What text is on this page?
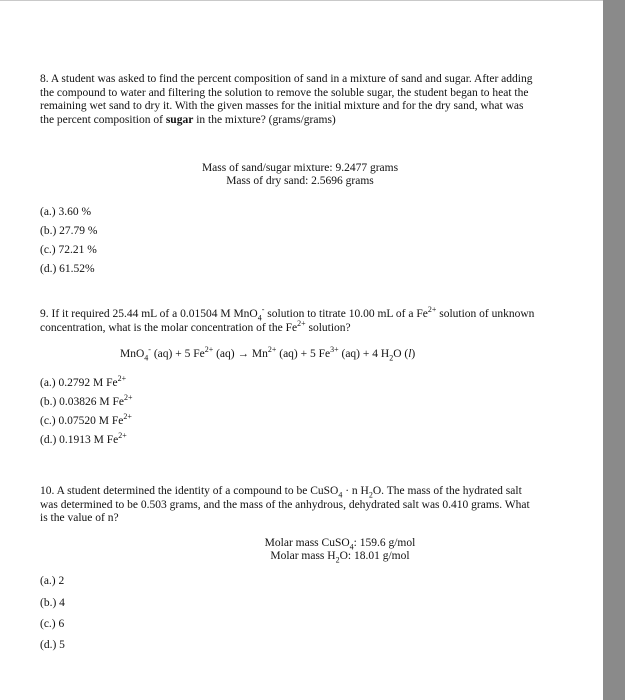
8. A student was asked to find the percent composition of sand in a mixture of sand and sugar. After adding the compound to water and filtering the solution to remove the soluble sugar, the student began to heat the remaining wet sand to dry it. With the given masses for the initial mixture and for the dry sand, what was the percent composition of sugar in the mixture? (grams/grams)

Mass of sand/sugar mixture: 9.2477 grams

Mass of dry sand: 2.5696 grams

(a.) 3.60 %
(b.) 27.79 %
(c.) 72.21 %
(d.) 61.52%

9. If it required 25.44 mL of a 0.01504 M MnO$_4$- solution to titrate 10.00 mL of a $Fe^{2+}$ solution of unknown concentration, what is the molar concentration of the $Fe^{2+}$ solution?

MnO$_4$- (aq) + 5 $Fe^{2+}$ $(aq) \to Mn^{2+}$ (aq) + 5 $Fe^{3+}$ (aq) + 4 $H_2O$ (l)
(a.) 0.2792 M $Fe^{2+}$
(b.) 0.03826 M $Fe^{2+}$
(c.) 0.07520 M $Fe^{2+}$
(d.) 0.1913 M $Fe^{2+}$

10. A student determined the identity of a compound to be CuSO$_4$ · n $H_2O$. The mass of the hydrated salt was determined to be 0.503 grams, and the mass of the anhydrous, dehydrated salt was 0.410 grams. What is the value of n?

Molar mass CuSO$_4$: 159.6 g/mol

Molar mass $H_2O$: 18.01 g/mol

(a.) 2
(b.) 4
(c.) 6
(d.) 5
